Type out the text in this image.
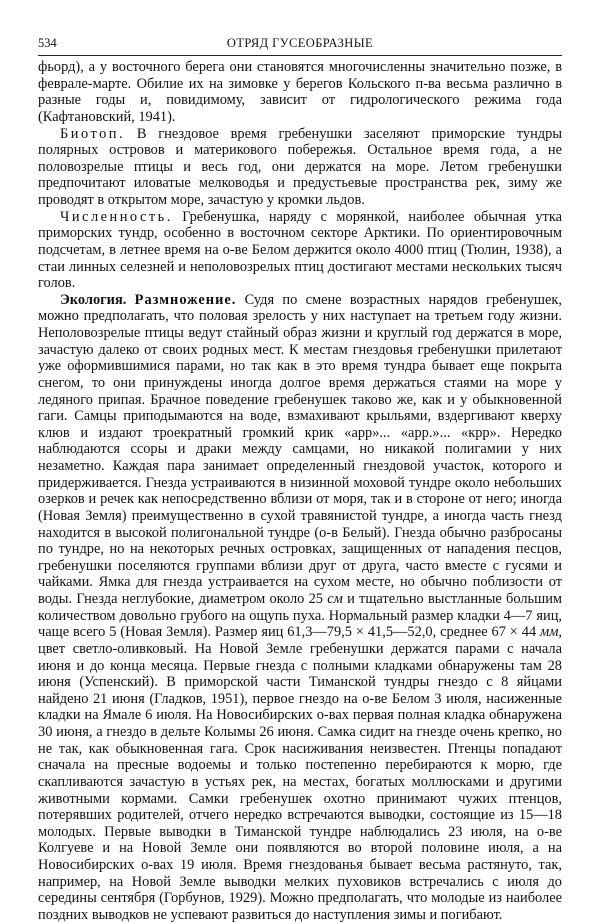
534	ОТРЯД ГУСЕОБРАЗНЫЕ

фьорд), а у восточного берега они становятся многочисленны значительно позже, в феврале-марте. Обилие их на зимовке у берегов Кольского п-ва весьма различно в разные годы и, повидимому, зависит от гидрологического режима года (Кафтановский, 1941).

Биотоп. В гнездовое время гребенушки заселяют приморские тундры полярных островов и материкового побережья. Остальное время года, а не половозрелые птицы и весь год, они держатся на море. Летом гребенушки предпочитают иловатые мелководья и предустьевые пространства рек, зиму же проводят в открытом море, зачастую у кромки льдов.

Численность. Гребенушка, наряду с морянкой, наиболее обычная утка приморских тундр, особенно в восточном секторе Арктики. По ориентировочным подсчетам, в летнее время на о-ве Белом держится около 4000 птиц (Тюлин, 1938), а стаи линных селезней и неполовозрелых птиц достигают местами нескольких тысяч голов.

Экология. Размножение. Судя по смене возрастных нарядов гребенушек, можно предполагать, что половая зрелость у них наступает на третьем году жизни. Неполовозрелые птицы ведут стайный образ жизни и круглый год держатся в море, зачастую далеко от своих родных мест. К местам гнездовья гребенушки прилетают уже оформившимися парами, но так как в это время тундра бывает еще покрыта снегом, то они принуждены иногда долгое время держаться стаями на море у ледяного припая. Брачное поведение гребенушек таково же, как и у обыкновенной гаги. Самцы приподымаются на воде, взмахивают крыльями, вздергивают кверху клюв и издают троекратный громкий крик «арр»... «арр.»... «крр». Нередко наблюдаются ссоры и драки между самцами, но никакой полигамии у них незаметно. Каждая пара занимает определенный гнездовой участок, которого и придерживается. Гнезда устраиваются в низинной моховой тундре около небольших озерков и речек как непосредственно вблизи от моря, так и в стороне от него; иногда (Новая Земля) преимущественно в сухой травянистой тундре, а иногда часть гнезд находится в высокой полигональной тундре (о-в Белый). Гнезда обычно разбросаны по тундре, но на некоторых речных островках, защищенных от нападения песцов, гребенушки поселяются группами вблизи друг от друга, часто вместе с гусями и чайками. Ямка для гнезда устраивается на сухом месте, но обычно поблизости от воды. Гнезда неглубокие, диаметром около 25 см и тщательно выстланные большим количеством довольно грубого на ощупь пуха. Нормальный размер кладки 4—7 яиц, чаще всего 5 (Новая Земля). Размер яиц 61,3—79,5 × 41,5—52,0, среднее 67 × 44 мм, цвет светло-оливковый. На Новой Земле гребенушки держатся парами с начала июня и до конца месяца. Первые гнезда с полными кладками обнаружены там 28 июня (Успенский). В приморской части Тиманской тундры гнездо с 8 яйцами найдено 21 июня (Гладков, 1951), первое гнездо на о-ве Белом 3 июля, насиженные кладки на Ямале 6 июля. На Новосибирских о-вах первая полная кладка обнаружена 30 июня, а гнездо в дельте Колымы 26 июня. Самка сидит на гнезде очень крепко, но не так, как обыкновенная гага. Срок насиживания неизвестен. Птенцы попадают сначала на пресные водоемы и только постепенно перебираются к морю, где скапливаются зачастую в устьях рек, на местах, богатых моллюсками и другими животными кормами. Самки гребенушек охотно принимают чужих птенцов, потерявших родителей, отчего нередко встречаются выводки, состоящие из 15—18 молодых. Первые выводки в Тиманской тундре наблюдались 23 июля, на о-ве Колгуеве и на Новой Земле они появляются во второй половине июля, а на Новосибирских о-вах 19 июля. Время гнездованья бывает весьма растянуто, так, например, на Новой Земле выводки мелких пуховиков встречались с июля до середины сентября (Горбунов, 1929). Можно предполагать, что молодые из наиболее поздних выводков не успевают развиться до наступления зимы и погибают.
